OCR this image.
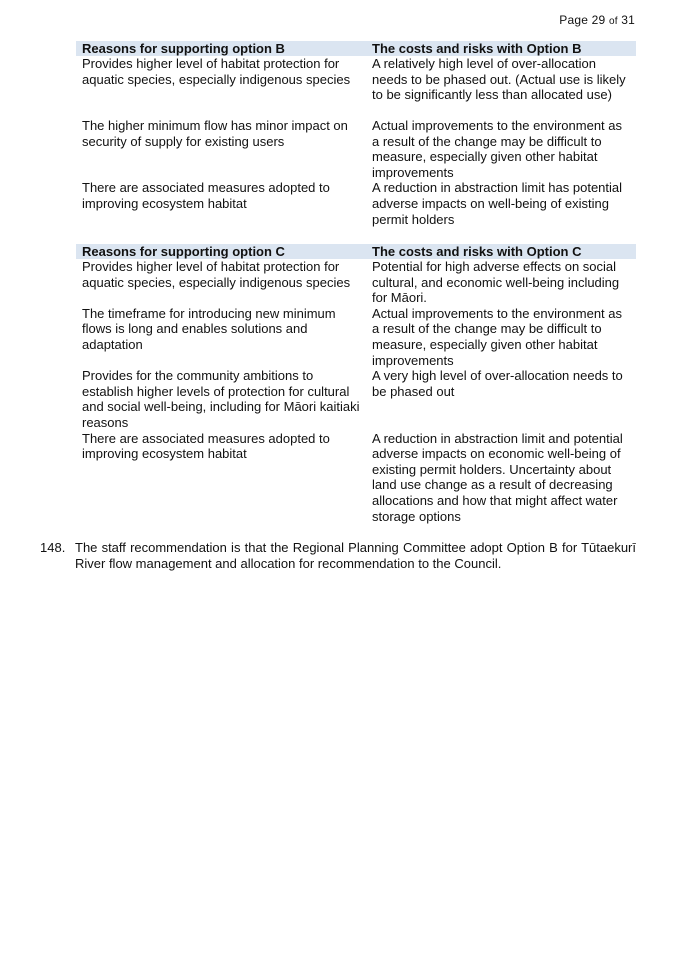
Page 29 of 31
Reasons for supporting option B	The costs and risks with Option B
Provides higher level of habitat protection for aquatic species, especially indigenous species	A relatively high level of over-allocation needs to be phased out. (Actual use is likely to be significantly less than allocated use)
The higher minimum flow has minor impact on security of supply for existing users	Actual improvements to the environment as a result of the change may be difficult to measure, especially given other habitat improvements
There are associated measures adopted to improving ecosystem habitat	A reduction in abstraction limit has potential adverse impacts on well-being of existing permit holders
Reasons for supporting option C	The costs and risks with Option C
Provides higher level of habitat protection for aquatic species, especially indigenous species	Potential for high adverse effects on social cultural, and economic well-being including for Māori.
The timeframe for introducing new minimum flows is long and enables solutions and adaptation	Actual improvements to the environment as a result of the change may be difficult to measure, especially given other habitat improvements
Provides for the community ambitions to establish higher levels of protection for cultural and social well-being, including for Māori kaitiaki reasons	A very high level of over-allocation needs to be phased out
There are associated measures adopted to improving ecosystem habitat	A reduction in abstraction limit and potential adverse impacts on economic well-being of existing permit holders. Uncertainty about land use change as a result of decreasing allocations and how that might affect water storage options
148. The staff recommendation is that the Regional Planning Committee adopt Option B for Tūtaekurī River flow management and allocation for recommendation to the Council.
